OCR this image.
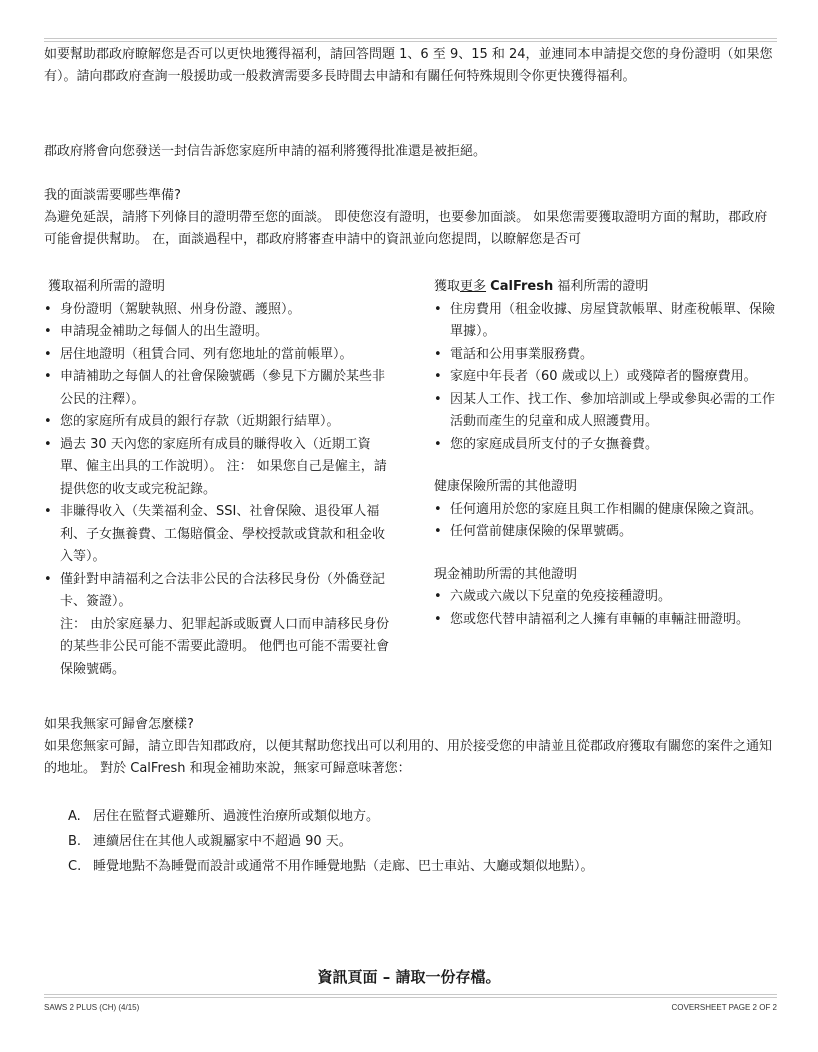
如要幫助郡政府瞭解您是否可以更快地獲得福利，請回答問題 1、6 至 9、15 和 24，並連同本申請提交您的身份證明（如果您有）。請向郡政府查詢一般援助或一般救濟需要多長時間去申請和有關任何特殊規則令你更快獲得福利。
郡政府將會向您發送一封信告訴您家庭所申請的福利將獲得批准還是被拒絕。
我的面談需要哪些準備?
為避免延誤，請將下列條目的證明帶至您的面談。 即使您沒有證明，也要參加面談。 如果您需要獲取證明方面的幫助，郡政府可能會提供幫助。 在，面談過程中，郡政府將審查申請中的資訊並向您提問，以瞭解您是否可
獲取福利所需的證明
• 身份證明（駕駛執照、州身份證、護照）。
• 申請現金補助之每個人的出生證明。
• 居住地證明（租賃合同、列有您地址的當前帳單）。
• 申請補助之每個人的社會保險號碼（參見下方關於某些非公民的注釋）。
• 您的家庭所有成員的銀行存款（近期銀行結單）。
• 過去 30 天內您的家庭所有成員的賺得收入（近期工資單、僱主出具的工作說明）。 注： 如果您自己是僱主，請提供您的收支或完稅記錄。
• 非賺得收入（失業福利金、SSI、社會保險、退役軍人福利、子女撫養費、工傷賠償金、學校授款或貸款和租金收入等）。
• 僅針對申請福利之合法非公民的合法移民身份（外僑登記卡、簽證）。
注： 由於家庭暴力、犯罪起訴或販賣人口而申請移民身份的某些非公民可能不需要此證明。 他們也可能不需要社會保險號碼。
獲取更多 CalFresh 福利所需的證明
• 住房費用（租金收據、房屋貸款帳單、財產稅帳單、保險單據）。
• 電話和公用事業服務費。
• 家庭中年長者（60 歲或以上）或殘障者的醫療費用。
• 因某人工作、找工作、參加培訓或上學或參與必需的工作活動而產生的兒童和成人照護費用。
• 您的家庭成員所支付的子女撫養費。
健康保險所需的其他證明
• 任何適用於您的家庭且與工作相關的健康保險之資訊。
• 任何當前健康保險的保單號碼。
現金補助所需的其他證明
• 六歲或六歲以下兒童的免疫接種證明。
• 您或您代替申請福利之人擁有車輛的車輛註冊證明。
如果我無家可歸會怎麼樣?
如果您無家可歸，請立即告知郡政府，以便其幫助您找出可以利用的、用於接受您的申請並且從郡政府獲取有關您的案件之通知的地址。 對於 CalFresh 和現金補助來說，無家可歸意味著您：
A. 居住在監督式避難所、過渡性治療所或類似地方。
B. 連續居住在其他人或親屬家中不超過 90 天。
C. 睡覺地點不為睡覺而設計或通常不用作睡覺地點（走廊、巴士車站、大廳或類似地點）。
資訊頁面 – 請取一份存檔。
SAWS 2 PLUS (CH) (4/15)	COVERSHEET PAGE 2 OF 2
